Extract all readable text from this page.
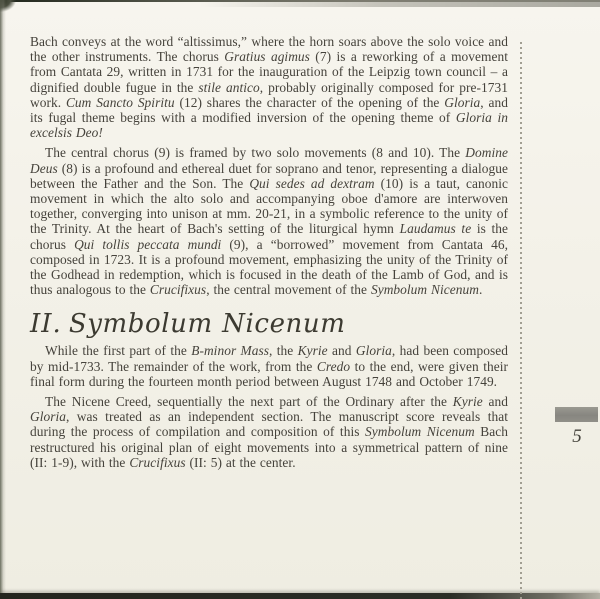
5

Bach conveys at the word “altissimus,” where the horn soars above the solo voice and the other instruments. The chorus Gratius agimus (7) is a reworking of a movement from Cantata 29, written in 1731 for the inauguration of the Leipzig town council – a dignified double fugue in the stile antico, probably originally composed for pre-1731 work. Cum Sancto Spiritu (12) shares the character of the opening of the Gloria, and its fugal theme begins with a modified inversion of the opening theme of Gloria in excelsis Deo!

The central chorus (9) is framed by two solo movements (8 and 10). The Domine Deus (8) is a profound and ethereal duet for soprano and tenor, representing a dialogue between the Father and the Son. The Qui sedes ad dextram (10) is a taut, canonic movement in which the alto solo and accompanying oboe d'amore are interwoven together, converging into unison at mm. 20-21, in a symbolic reference to the unity of the Trinity. At the heart of Bach's setting of the liturgical hymn Laudamus te is the chorus Qui tollis peccata mundi (9), a “borrowed” movement from Cantata 46, composed in 1723. It is a profound movement, emphasizing the unity of the Trinity of the Godhead in redemption, which is focused in the death of the Lamb of God, and is thus analogous to the Crucifixus, the central movement of the Symbolum Nicenum.

II. Symbolum Nicenum

While the first part of the B-minor Mass, the Kyrie and Gloria, had been composed by mid-1733. The remainder of the work, from the Credo to the end, were given their final form during the fourteen month period between August 1748 and October 1749.

The Nicene Creed, sequentially the next part of the Ordinary after the Kyrie and Gloria, was treated as an independent section. The manuscript score reveals that during the process of compilation and composition of this Symbolum Nicenum Bach restructured his original plan of eight movements into a symmetrical pattern of nine (II: 1-9), with the Crucifixus (II: 5) at the center.
